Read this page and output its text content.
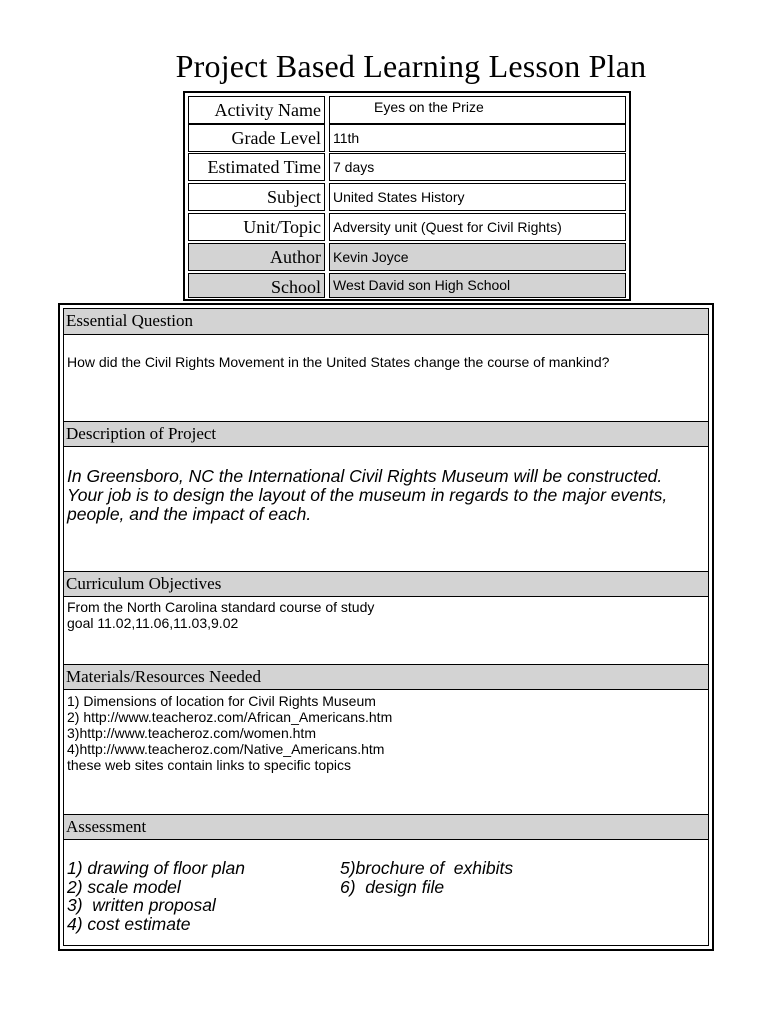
Project Based Learning Lesson Plan
Activity Name	Eyes on the Prize
Grade Level 11th
Estimated Time 7 days
Subject United States History
Unit/Topic Adversity unit (Quest for Civil Rights)
Author Kevin Joyce
School West David son High School
Essential Question
How did the Civil Rights Movement in the United States change the course of mankind?
Description of Project
In Greensboro, NC the International Civil Rights Museum will be constructed.
Your job is to design the layout of the museum in regards to the major events,
people, and the impact of each.
Curriculum Objectives
From the North Carolina standard course of study
goal 11.02,11.06,11.03,9.02
Materials/Resources Needed
1) Dimensions of location for Civil Rights Museum
2) http://www.teacheroz.com/African_Americans.htm
3)http://www.teacheroz.com/women.htm
4)http://www.teacheroz.com/Native_Americans.htm
these web sites contain links to specific topics
Assessment
1) drawing of floor plan
2) scale model
3)  written proposal
4) cost estimate
5)brochure of  exhibits
6)  design file
